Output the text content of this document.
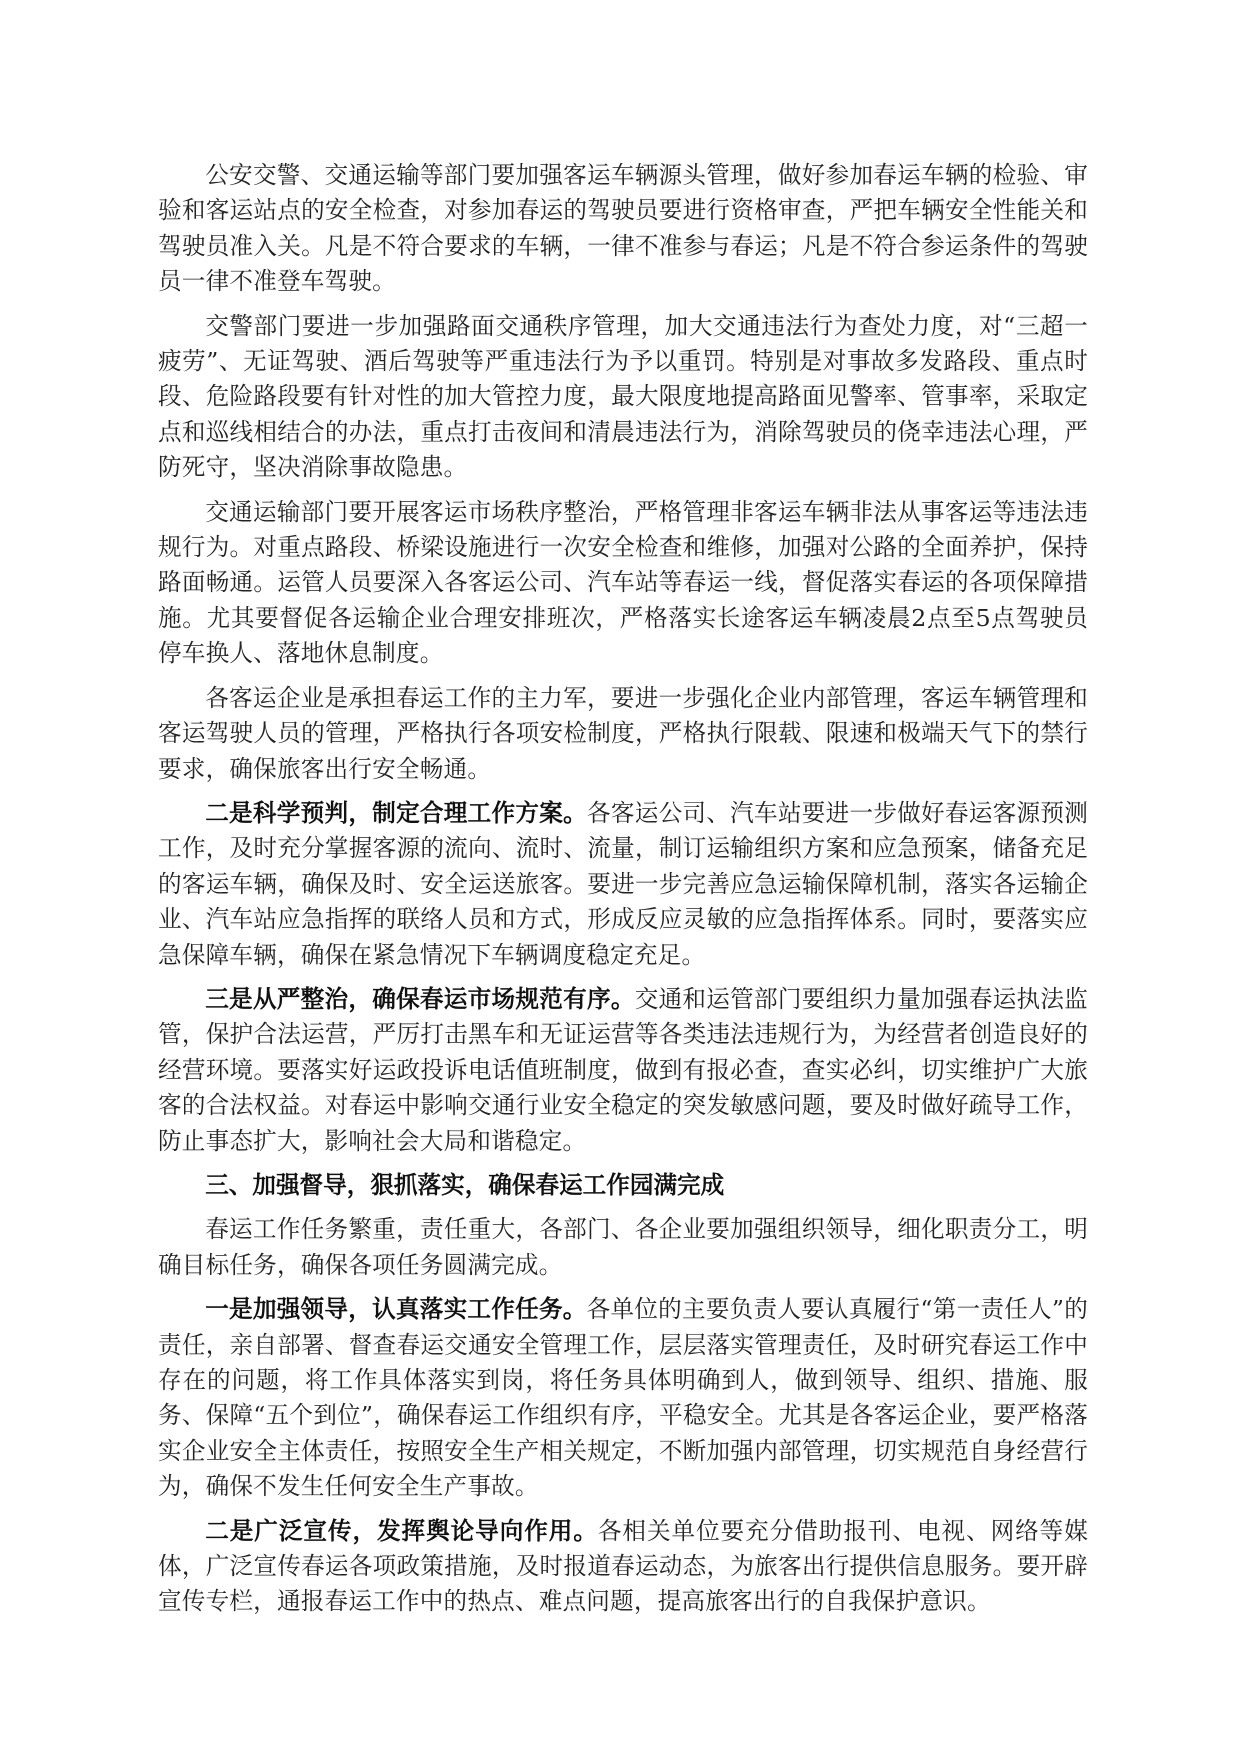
公安交警、交通运输等部门要加强客运车辆源头管理，做好参加春运车辆的检验、审验和客运站点的安全检查，对参加春运的驾驶员要进行资格审查，严把车辆安全性能关和驾驶员准入关。凡是不符合要求的车辆，一律不准参与春运；凡是不符合参运条件的驾驶员一律不准登车驾驶。

交警部门要进一步加强路面交通秩序管理，加大交通违法行为查处力度，对“三超一疲劳”、无证驾驶、酒后驾驶等严重违法行为予以重罚。特别是对事故多发路段、重点时段、危险路段要有针对性的加大管控力度，最大限度地提高路面见警率、管事率，采取定点和巡线相结合的办法，重点打击夜间和清晨违法行为，消除驾驶员的侥幸违法心理，严防死守，坚决消除事故隐患。

交通运输部门要开展客运市场秩序整治，严格管理非客运车辆非法从事客运等违法违规行为。对重点路段、桥梁设施进行一次安全检查和维修，加强对公路的全面养护，保持路面畅通。运管人员要深入各客运公司、汽车站等春运一线，督促落实春运的各项保障措施。尤其要督促各运输企业合理安排班次，严格落实长途客运车辆凌晨2点至5点驾驶员停车换人、落地休息制度。

各客运企业是承担春运工作的主力军，要进一步强化企业内部管理，客运车辆管理和客运驾驶人员的管理，严格执行各项安检制度，严格执行限载、限速和极端天气下的禁行要求，确保旅客出行安全畅通。

二是科学预判，制定合理工作方案。各客运公司、汽车站要进一步做好春运客源预测工作，及时充分掌握客源的流向、流时、流量，制订运输组织方案和应急预案，储备充足的客运车辆，确保及时、安全运送旅客。要进一步完善应急运输保障机制，落实各运输企业、汽车站应急指挥的联络人员和方式，形成反应灵敏的应急指挥体系。同时，要落实应急保障车辆，确保在紧急情况下车辆调度稳定充足。

三是从严整治，确保春运市场规范有序。交通和运管部门要组织力量加强春运执法监管，保护合法运营，严厉打击黑车和无证运营等各类违法违规行为，为经营者创造良好的经营环境。要落实好运政投诉电话值班制度，做到有报必查，查实必纠，切实维护广大旅客的合法权益。对春运中影响交通行业安全稳定的突发敏感问题，要及时做好疏导工作，防止事态扩大，影响社会大局和谐稳定。

三、加强督导，狠抓落实，确保春运工作园满完成

春运工作任务繁重，责任重大，各部门、各企业要加强组织领导，细化职责分工，明确目标任务，确保各项任务圆满完成。

一是加强领导，认真落实工作任务。各单位的主要负责人要认真履行“第一责任人”的责任，亲自部署、督查春运交通安全管理工作，层层落实管理责任，及时研究春运工作中存在的问题，将工作具体落实到岗，将任务具体明确到人，做到领导、组织、措施、服务、保障“五个到位”，确保春运工作组织有序，平稳安全。尤其是各客运企业，要严格落实企业安全主体责任，按照安全生产相关规定，不断加强内部管理，切实规范自身经营行为，确保不发生任何安全生产事故。

二是广泛宣传，发挥舆论导向作用。各相关单位要充分借助报刊、电视、网络等媒体，广泛宣传春运各项政策措施，及时报道春运动态，为旅客出行提供信息服务。要开辟宣传专栏，通报春运工作中的热点、难点问题，提高旅客出行的自我保护意识。
